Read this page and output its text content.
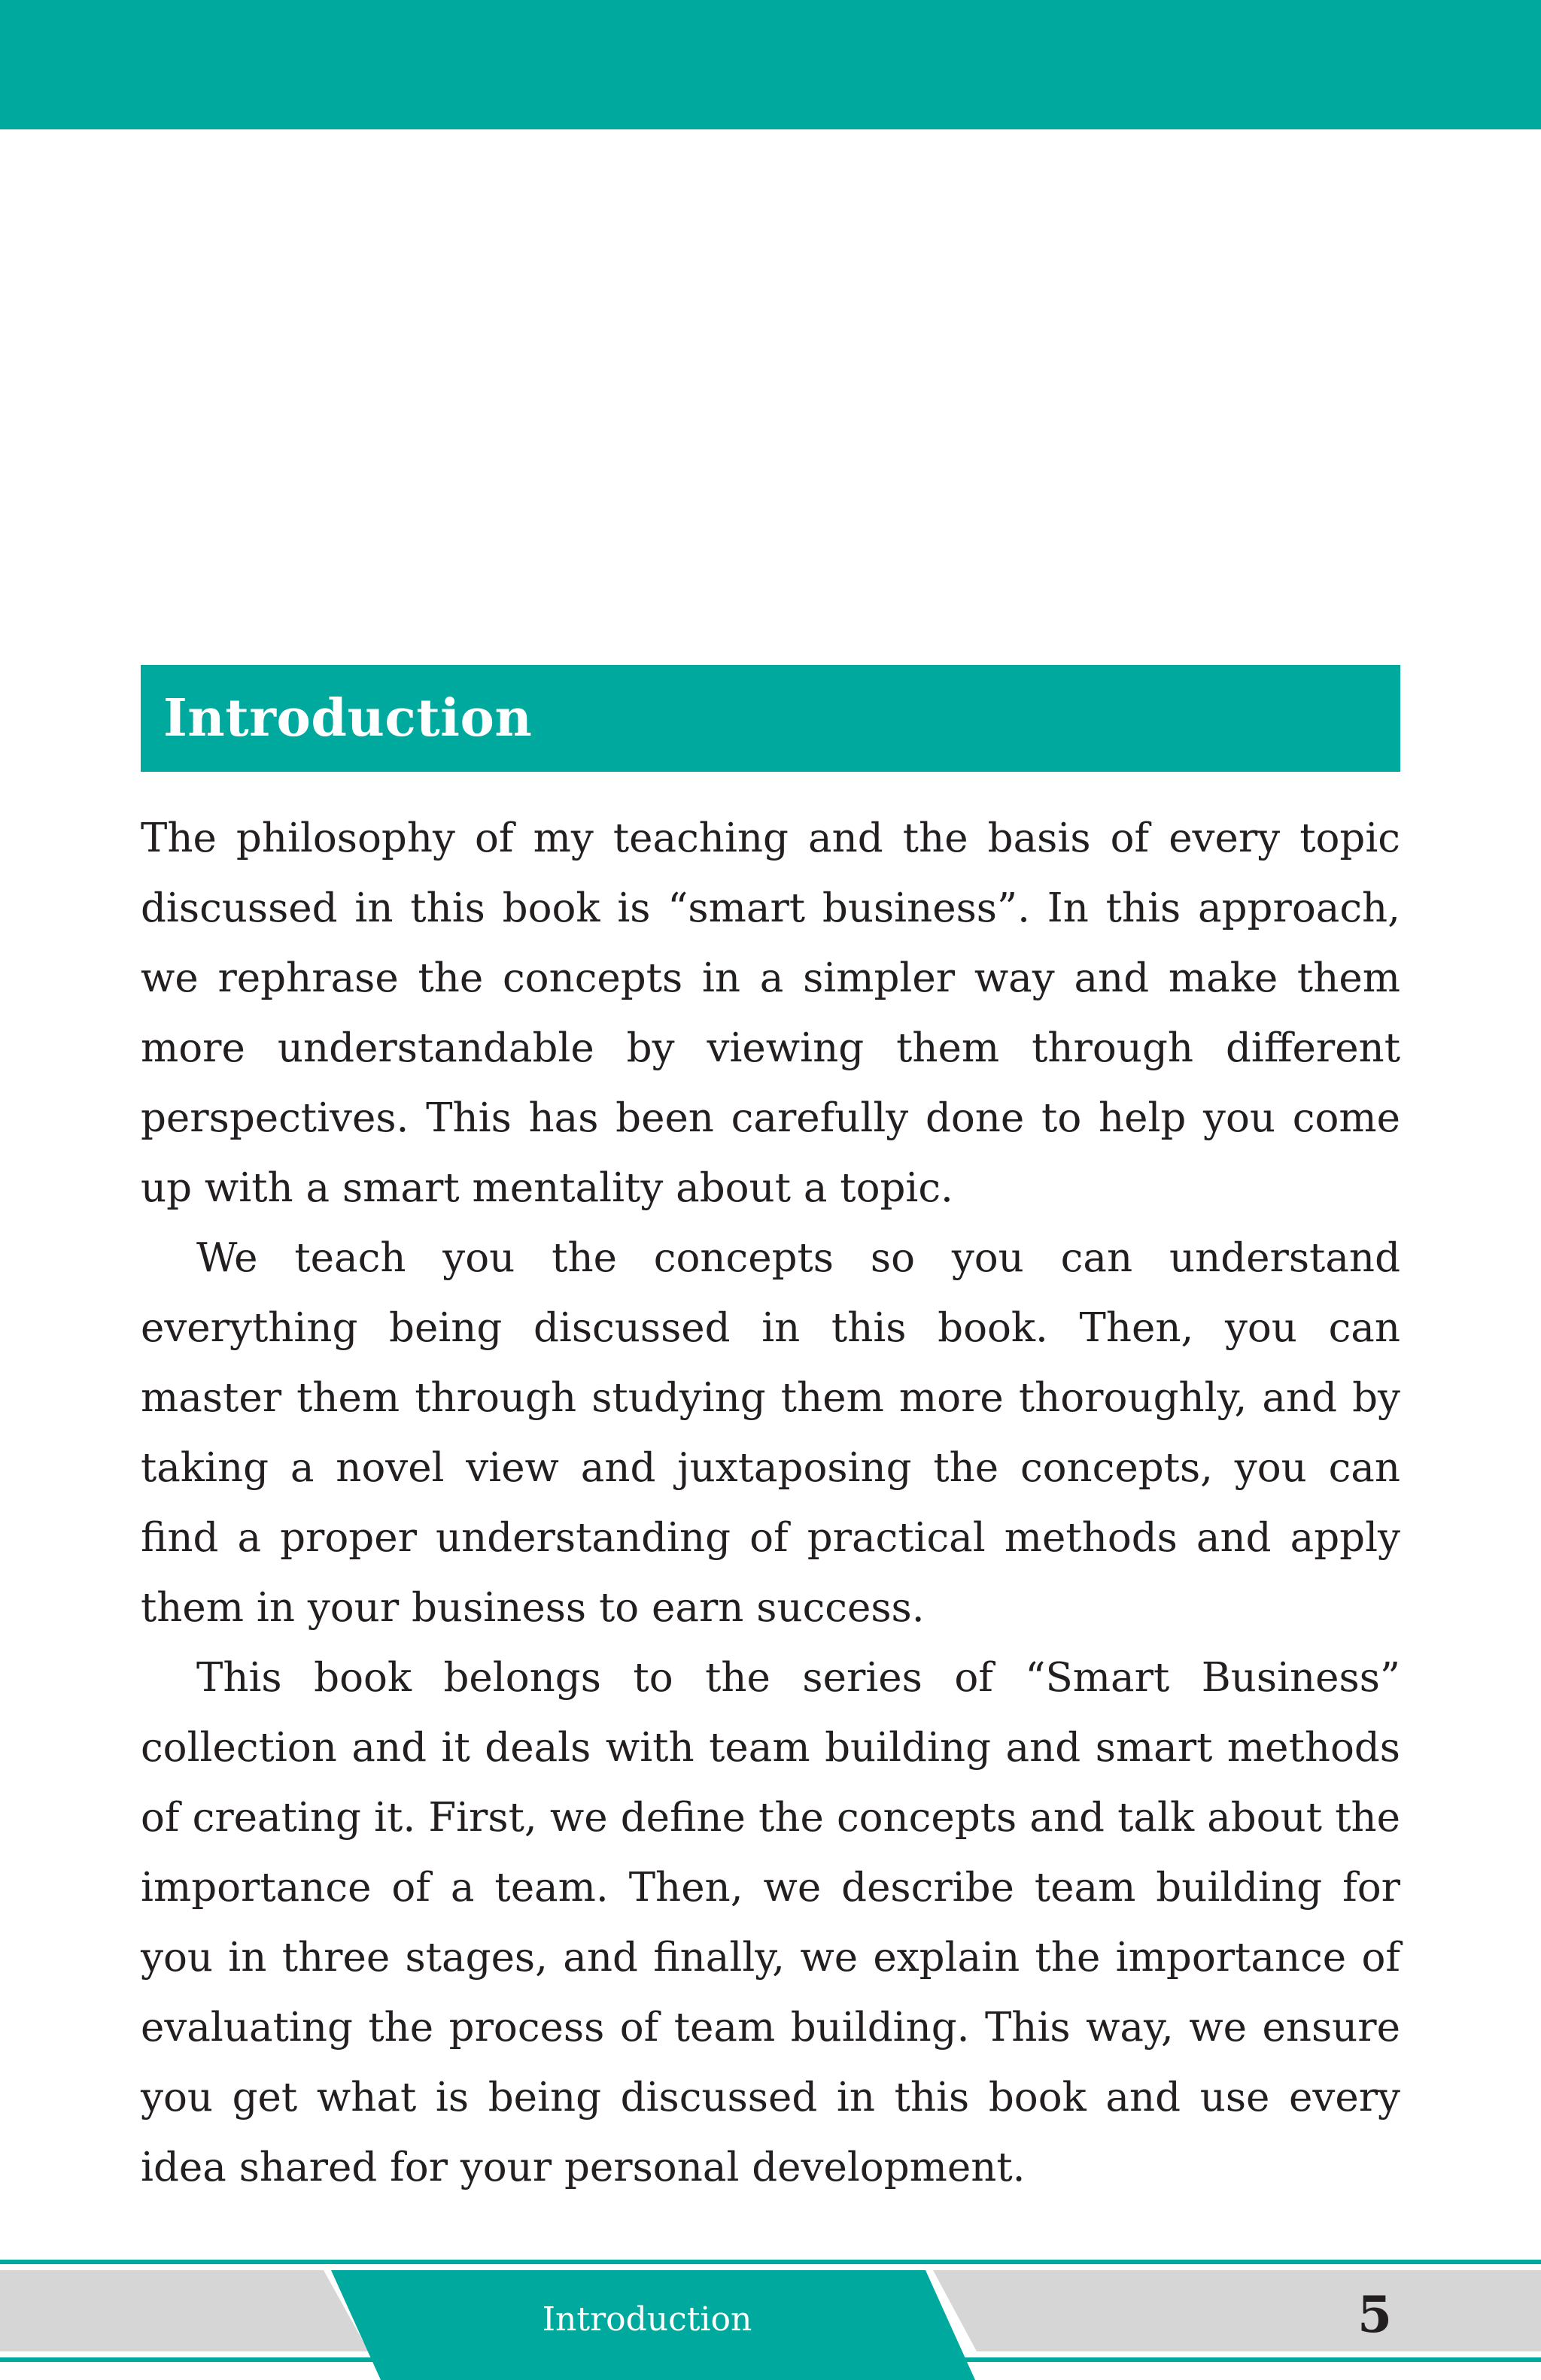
Introduction

The philosophy of my teaching and the basis of every topic discussed in this book is “smart business”. In this approach, we rephrase the concepts in a simpler way and make them more understandable by viewing them through different perspectives. This has been carefully done to help you come up with a smart mentality about a topic.

We teach you the concepts so you can understand everything being discussed in this book. Then, you can master them through studying them more thoroughly, and by taking a novel view and juxtaposing the concepts, you can find a proper understanding of practical methods and apply them in your business to earn success.

This book belongs to the series of “Smart Business” collection and it deals with team building and smart methods of creating it. First, we define the concepts and talk about the importance of a team. Then, we describe team building for you in three stages, and finally, we explain the importance of evaluating the process of team building. This way, we ensure you get what is being discussed in this book and use every idea shared for your personal development.

Introduction	5
